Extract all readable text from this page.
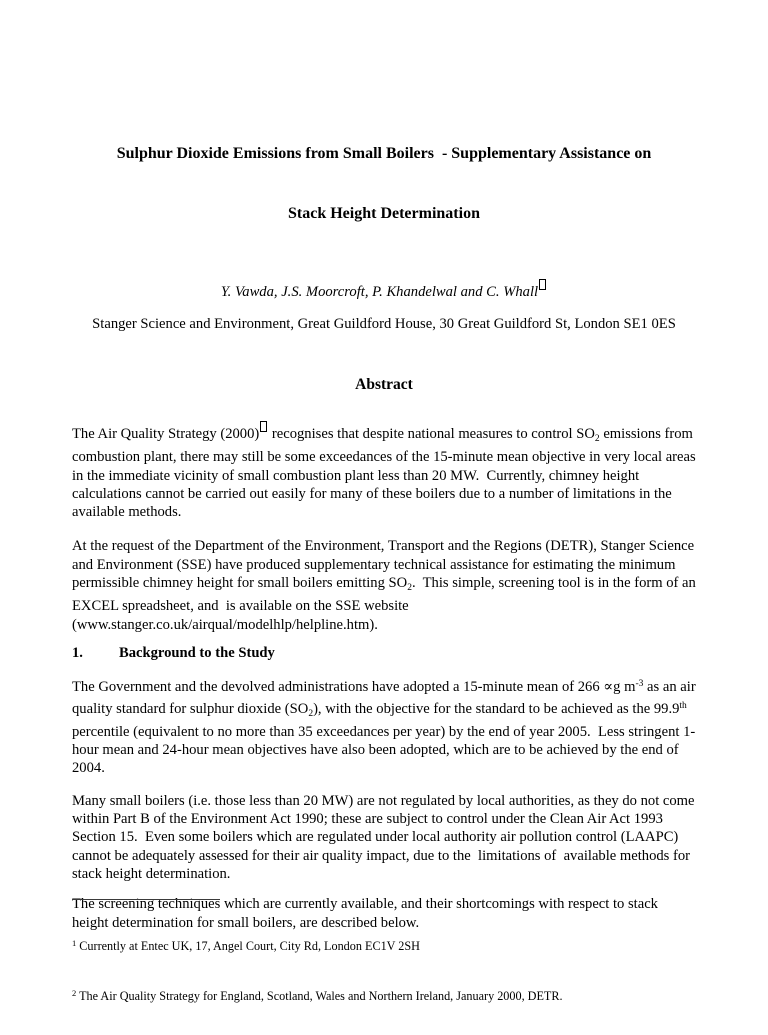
Sulphur Dioxide Emissions from Small Boilers  - Supplementary Assistance on

Stack Height Determination

Y. Vawda, J.S. Moorcroft, P. Khandelwal and C. Whall
Stanger Science and Environment, Great Guildford House, 30 Great Guildford St, London SE1 0ES
Abstract

The Air Quality Strategy (2000) recognises that despite national measures to control $SO_2$ emissions from combustion plant, there may still be some exceedances of the 15-minute mean objective in very local areas in the immediate vicinity of small combustion plant less than 20 MW.  Currently, chimney height calculations cannot be carried out easily for many of these boilers due to a number of limitations in the available methods.

At the request of the Department of the Environment, Transport and the Regions (DETR), Stanger Science and Environment (SSE) have produced supplementary technical assistance for estimating the minimum permissible chimney height for small boilers emitting $SO_2$.  This simple, screening tool is in the form of an EXCEL spreadsheet, and  is available on the SSE website (www.stanger.co.uk/airqual/modelhlp/helpline.htm).

1. Background to the Study

The Government and the devolved administrations have adopted a 15-minute mean of 266 ∝g $m^{-3}$ as an air quality standard for sulphur dioxide $(SO_2)$, with the objective for the standard to be achieved as the 99.9th percentile (equivalent to no more than 35 exceedances per year) by the end of year 2005.  Less stringent 1-hour mean and 24-hour mean objectives have also been adopted, which are to be achieved by the end of 2004.

Many small boilers (i.e. those less than 20 MW) are not regulated by local authorities, as they do not come within Part B of the Environment Act 1990; these are subject to control under the Clean Air Act 1993 Section 15.  Even some boilers which are regulated under local authority air pollution control (LAAPC)  cannot be adequately assessed for their air quality impact, due to the  limitations of  available methods for stack height determination.

The screening techniques which are currently available, and their shortcomings with respect to stack height determination for small boilers, are described below.

$^1$ Currently at Entec UK, 17, Angel Court, City Rd, London EC1V 2SH

$^2$ The Air Quality Strategy for England, Scotland, Wales and Northern Ireland, January 2000, DETR.
